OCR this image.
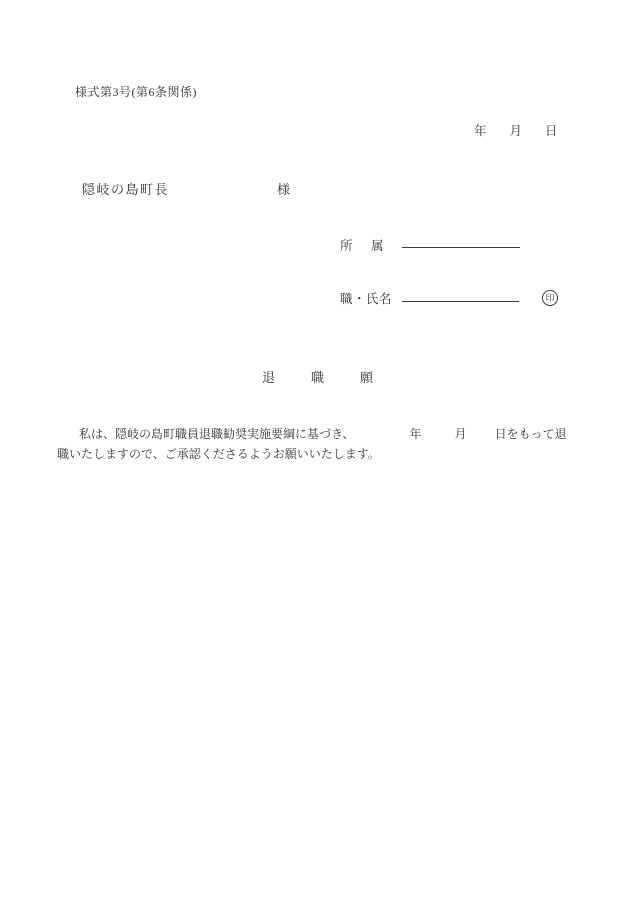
様式第3号(第6条関係)
年 月 日
隠岐の島町長	様
所　属
職・氏名	印
退職願
私は、隠岐の島町職員退職勧奨実施要綱に基づき、	年	月 日をもって退
職いたしますので、ご承認くださるようお願いいたします。
